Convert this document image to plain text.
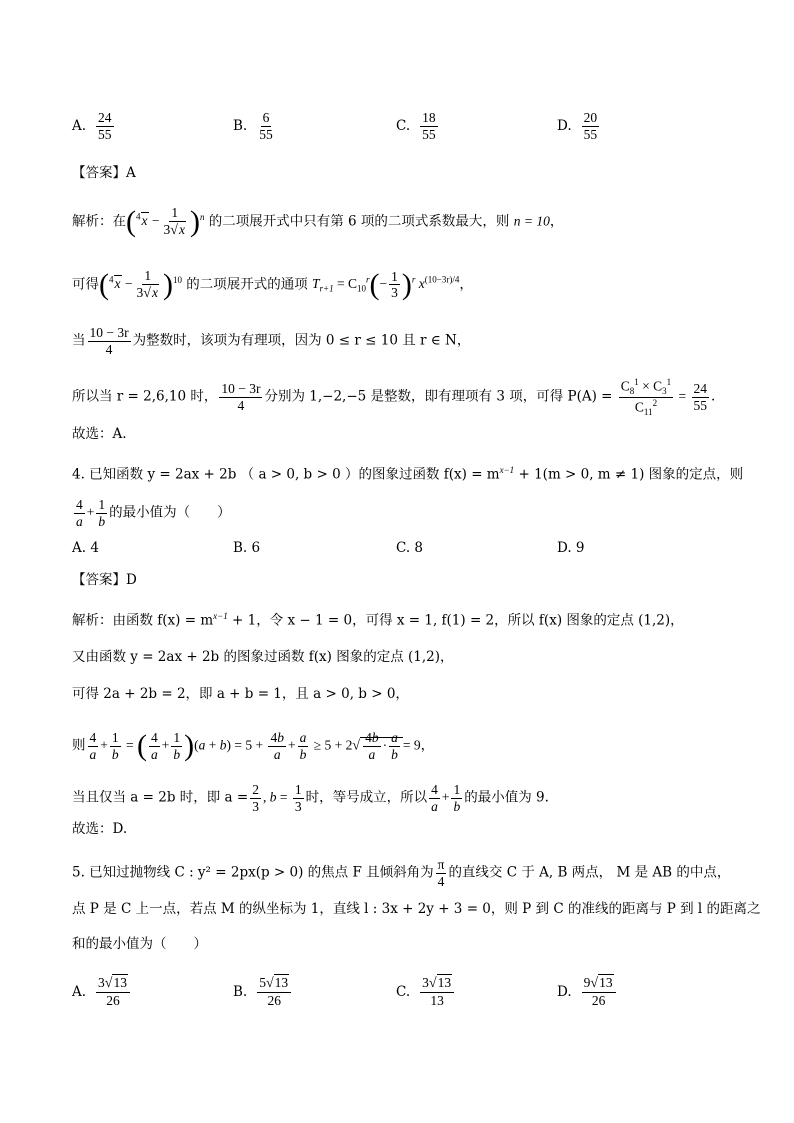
A. $\frac{24}{55}$	B. $\frac{6}{55}$	C. $\frac{18}{55}$	D. $\frac{20}{55}$
【答案】A
解析：在$(^4x - \frac{1}{3√x} )^n$ 的二项展开式中只有第 6 项的二项式系数最大，则 n = 10，
可得$(^4x - \frac{1}{3√x} )^{10}$ 的二项展开式的通项 $T_{r+1} = C_{10}^r(- \frac{1}{3} )^r$ $x^{(10-3r)/4}$，
当 $\frac{10 - 3r}{4}$ 为整数时，该项为有理项，因为 0 ≤ r ≤ 10 且 r ∈ N，
所以当 r = 2,6,10 时， $\frac{10 - 3r}{4}$ 分别为 1,−2,−5 是整数，即有理项有 3 项，可得 $P(A) = \frac{C_8^1 \times C_3^1}{C_{11}^2} = \frac{24}{55}$ .
故选：A.
4. 已知函数 y = 2ax + 2b （ a > 0, b > 0 ）的图象过函数 $f(x) = m^{x-1} + 1(m > 0$, m ≠ 1) 图象的定点，则
$\frac{4}{a} + \frac{1}{b}$ 的最小值为（　　）
A. 4	B. 6	C. 8	D. 9
【答案】D
解析：由函数 $f(x) = m^{x-1} + 1$，令 x − 1 = 0，可得 x = 1, f(1) = 2，所以 f(x) 图象的定点 (1,2)，
又由函数 y = 2ax + 2b 的图象过函数 f(x) 图象的定点 (1,2)，
可得 2a + 2b = 2，即 a + b = 1，且 a > 0, b > 0，
则 $\frac{4}{a} + \frac{1}{b}$ = ( $\frac{4}{a} + \frac{1}{b} )(a + b) = 5 + \frac{4b}{a} + \frac{a}{b} \ge 5 + 2√ \frac{4b}{a} \cdot \frac{a}{b} = 9$，
当且仅当 a = 2b 时，即 $a = \frac{2}{3}$ , $b = \frac{1}{3}$ 时，等号成立，所以 $\frac{4}{a} + \frac{1}{b}$ 的最小值为 9.
故选：D.
5. 已知过抛物线 C : y² = 2px(p > 0) 的焦点 F 且倾斜角为 $\frac{\pi}{4}$ 的直线交 C 于 A, B 两点， M 是 AB 的中点，
点 P 是 C 上一点，若点 M 的纵坐标为 1，直线 l : 3x + 2y + 3 = 0，则 P 到 C 的准线的距离与 P 到 l 的距离之
和的最小值为（　　）
A. $\frac{3√13}{26}$	B. $\frac{5√13}{26}$	C. $\frac{3√13}{13}$	D. $\frac{9√13}{26}$
